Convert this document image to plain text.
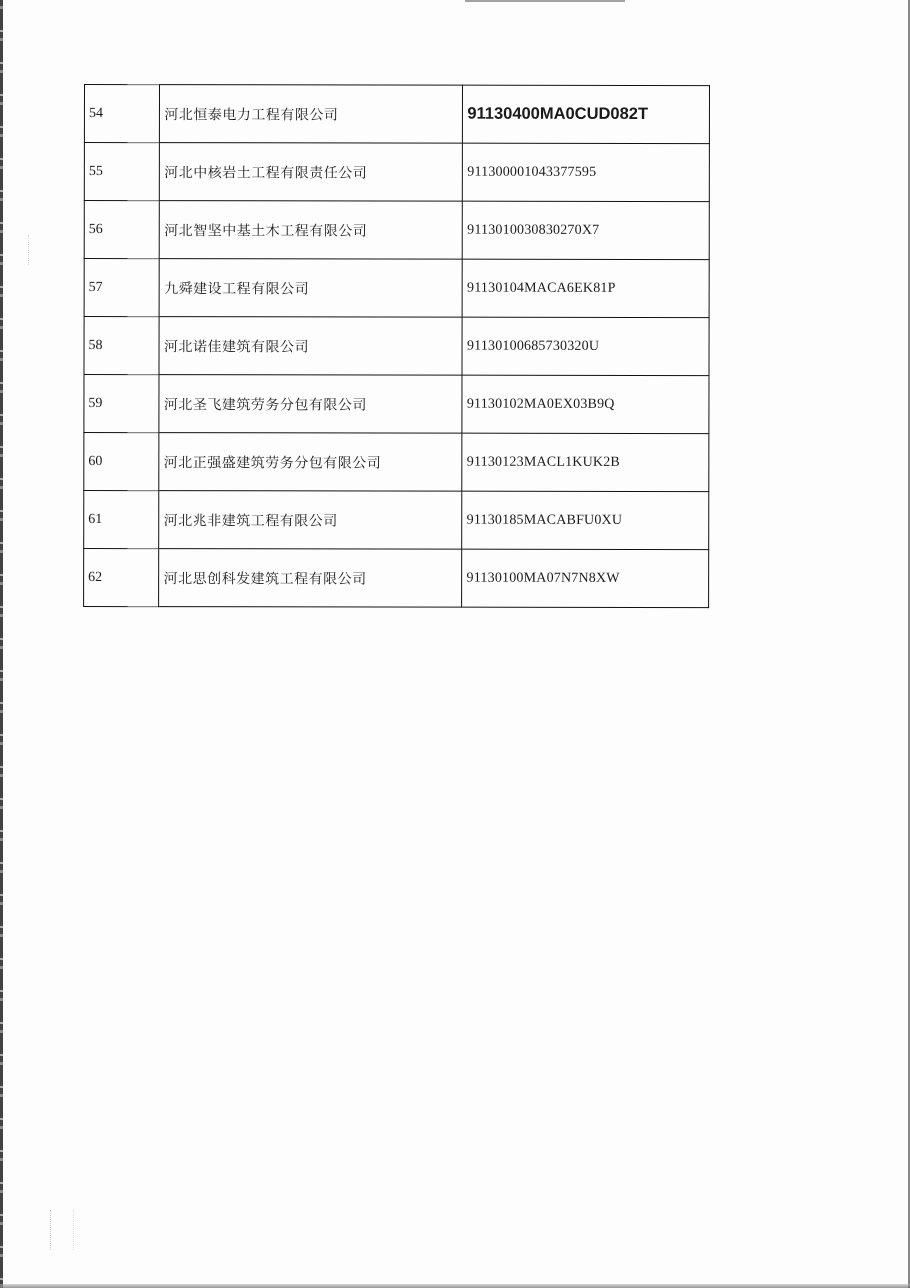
54	河北恒泰电力工程有限公司	91130400MA0CUD082T
55	河北中核岩土工程有限责任公司	911300001043377595
56	河北智坚中基土木工程有限公司	9113010030830270X7
57	九舜建设工程有限公司	91130104MACA6EK81P
58	河北诺佳建筑有限公司	91130100685730320U
59	河北圣飞建筑劳务分包有限公司	91130102MA0EX03B9Q
60	河北正强盛建筑劳务分包有限公司	91130123MACL1KUK2B
61	河北兆非建筑工程有限公司	91130185MACABFU0XU
62	河北思创科发建筑工程有限公司	91130100MA07N7N8XW
